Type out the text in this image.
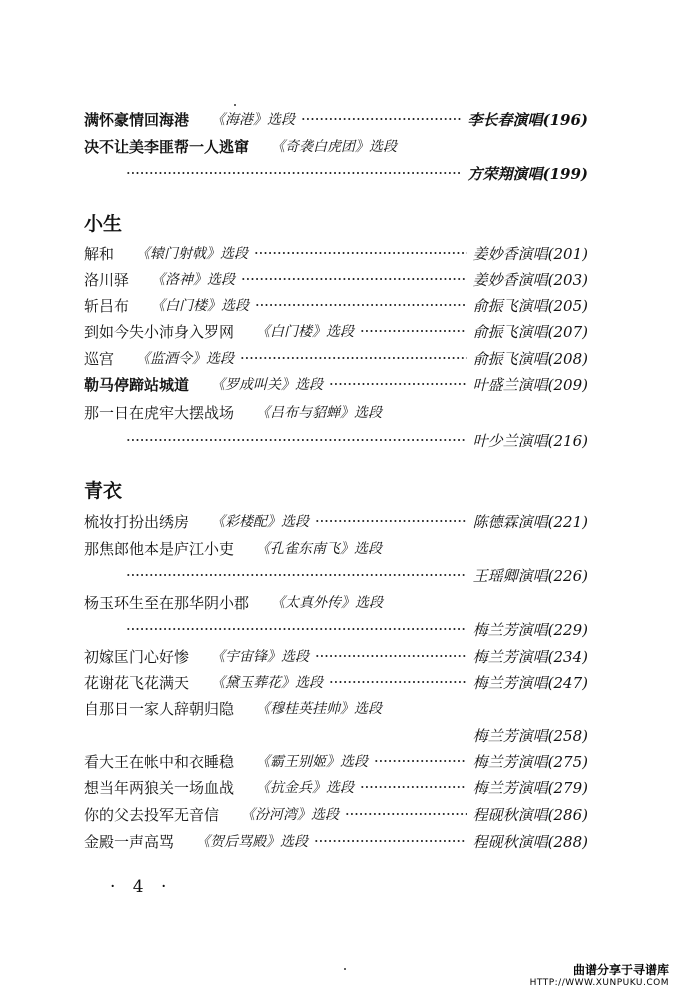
满怀豪情回海港 《海港》选段	李长春演唱(196)
决不让美李匪帮一人逃窜 《奇袭白虎团》选段
方荣翔演唱(199)
小生
解和 《辕门射戟》选段	姜妙香演唱(201)
洛川驿 《洛神》选段	姜妙香演唱(203)
斩吕布 《白门楼》选段	俞振飞演唱(205)
到如今失小沛身入罗网 《白门楼》选段	俞振飞演唱(207)
巡宫 《监酒令》选段	俞振飞演唱(208)
勒马停蹄站城道 《罗成叫关》选段	叶盛兰演唱(209)
那一日在虎牢大摆战场 《吕布与貂蝉》选段
叶少兰演唱(216)
青衣
梳妆打扮出绣房 《彩楼配》选段	陈德霖演唱(221)
那焦郎他本是庐江小吏 《孔雀东南飞》选段
王瑶卿演唱(226)
杨玉环生至在那华阴小郡 《太真外传》选段
梅兰芳演唱(229)
初嫁匡门心好惨 《宇宙锋》选段	梅兰芳演唱(234)
花谢花飞花满天 《黛玉葬花》选段	梅兰芳演唱(247)
自那日一家人辞朝归隐 《穆桂英挂帅》选段
梅兰芳演唱(258)
看大王在帐中和衣睡稳 《霸王别姬》选段	梅兰芳演唱(275)
想当年两狼关一场血战 《抗金兵》选段	梅兰芳演唱(279)
你的父去投军无音信 《汾河湾》选段	程砚秋演唱(286)
金殿一声高骂 《贺后骂殿》选段	程砚秋演唱(288)
· 4 ·
曲谱分享于寻谱库
HTTP://WWW.XUNPUKU.COM
